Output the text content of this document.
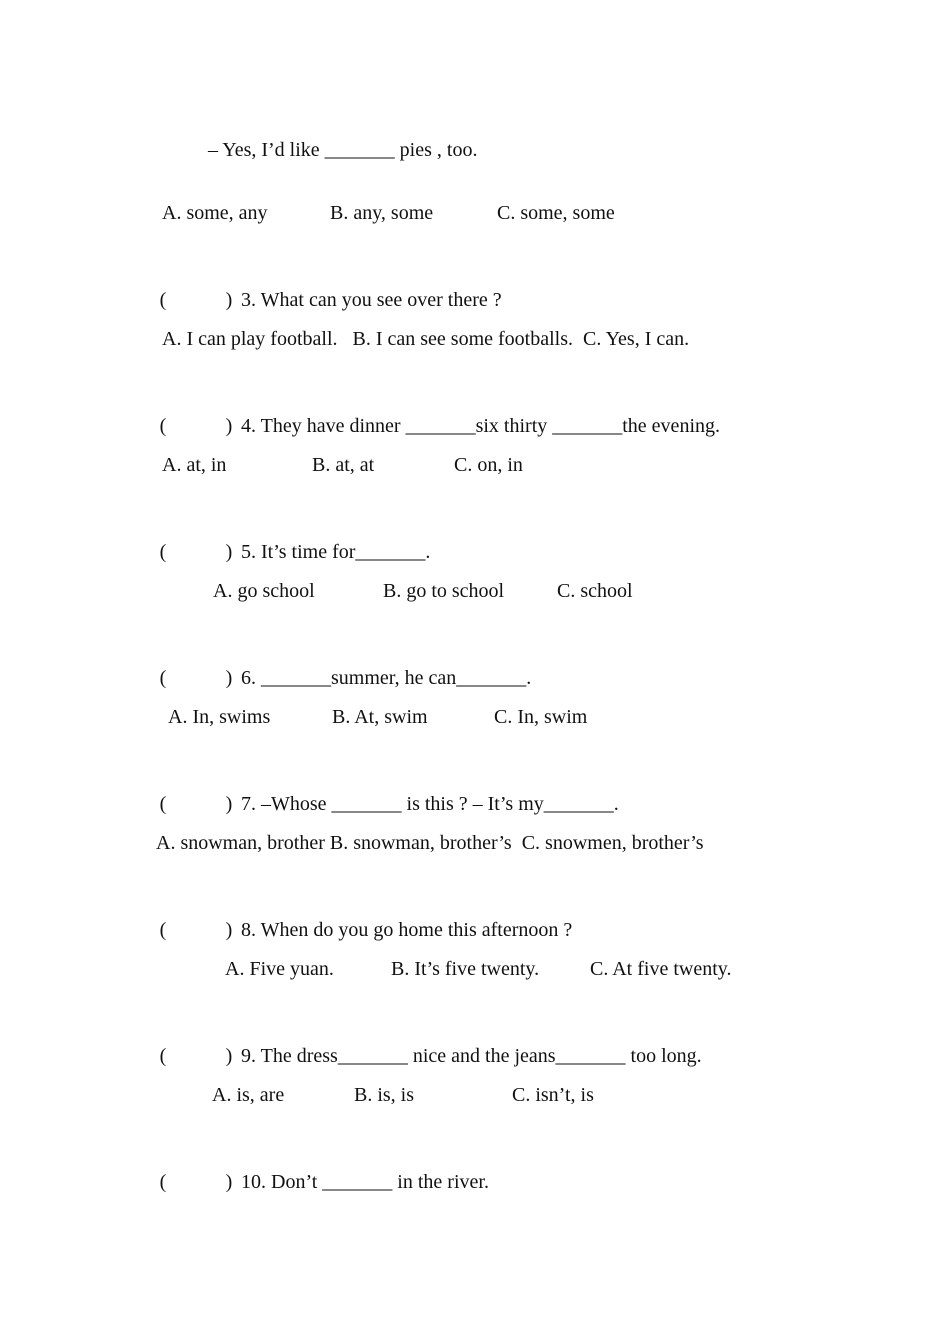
– Yes, I’d like _______ pies , too.
A. some, any	B. any, some	C. some, some

(	) 3. What can you see over there ?

A. I can play football.   B. I can see some footballs.  C. Yes, I can.

(	) 4. They have dinner _______six thirty _______the evening.

A. at, in	B. at, at	C. on, in

(	) 5. It’s time for_______.

A. go school	B. go to school	C. school

(	) 6. _______summer, he can_______.

A. In, swims	B. At, swim	C. In, swim

(	) 7. –Whose _______ is this ? – It’s my_______.

A. snowman, brother B. snowman, brother’s  C. snowmen, brother’s

(	) 8. When do you go home this afternoon ?

A. Five yuan.	B. It’s five twenty.	C. At five twenty.

(	) 9. The dress_______ nice and the jeans_______ too long.

A. is, are	B. is, is	C. isn’t, is

(	) 10. Don’t _______ in the river.
